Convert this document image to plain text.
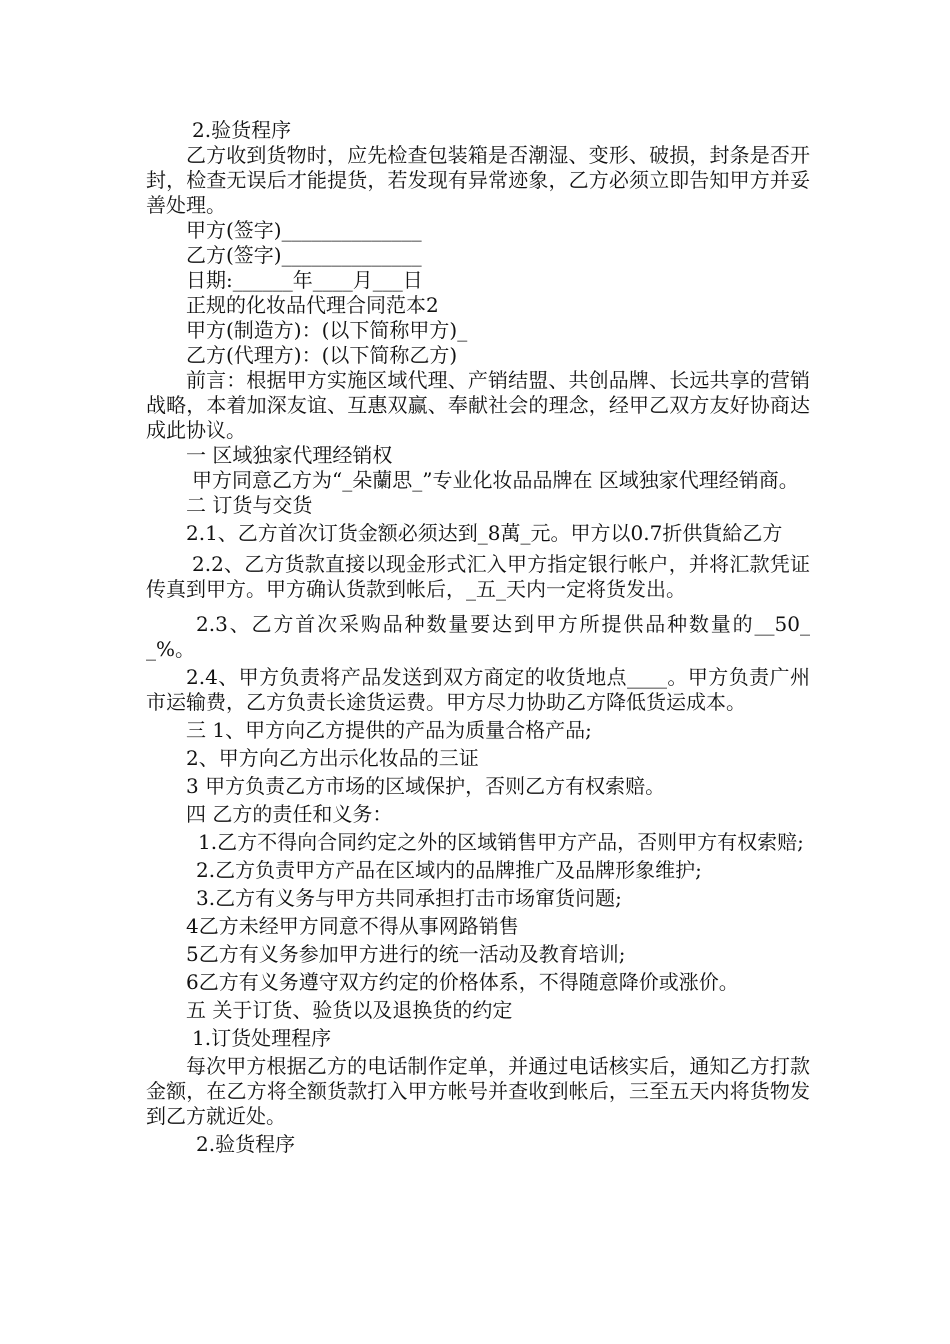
2.验货程序

乙方收到货物时，应先检查包装箱是否潮湿、变形、破损，封条是否开封，检查无误后才能提货，若发现有异常迹象，乙方必须立即告知甲方并妥善处理。

甲方(签字)______________

乙方(签字)______________

日期:______年____月___日

正规的化妆品代理合同范本2

甲方(制造方)：(以下简称甲方)_

乙方(代理方)：(以下简称乙方)

前言：根据甲方实施区域代理、产销结盟、共创品牌、长远共享的营销战略，本着加深友谊、互惠双赢、奉献社会的理念，经甲乙双方友好协商达成此协议。

一 区域独家代理经销权

甲方同意乙方为“_朵蘭思_”专业化妆品品牌在 区域独家代理经销商。

二 订货与交货

2.1、乙方首次订货金额必须达到_8萬_元。甲方以0.7折供貨給乙方

2.2、乙方货款直接以现金形式汇入甲方指定银行帐户，并将汇款凭证传真到甲方。甲方确认货款到帐后，_五_天内一定将货发出。

2.3、乙方首次采购品种数量要达到甲方所提供品种数量的__50__%。

2.4、甲方负责将产品发送到双方商定的收货地点____。甲方负责广州市运输费，乙方负责长途货运费。甲方尽力协助乙方降低货运成本。

三 1、甲方向乙方提供的产品为质量合格产品;

2、甲方向乙方出示化妆品的三证

3 甲方负责乙方市场的区域保护，否则乙方有权索赔。

四 乙方的责任和义务：

1.乙方不得向合同约定之外的区域销售甲方产品，否则甲方有权索赔;

2.乙方负责甲方产品在区域内的品牌推广及品牌形象维护;

3.乙方有义务与甲方共同承担打击市场窜货问题;

4乙方未经甲方同意不得从事网路销售

5乙方有义务参加甲方进行的统一活动及教育培训;

6乙方有义务遵守双方约定的价格体系，不得随意降价或涨价。

五 关于订货、验货以及退换货的约定

1.订货处理程序

每次甲方根据乙方的电话制作定单，并通过电话核实后，通知乙方打款金额，在乙方将全额货款打入甲方帐号并查收到帐后，三至五天内将货物发到乙方就近处。

2.验货程序
